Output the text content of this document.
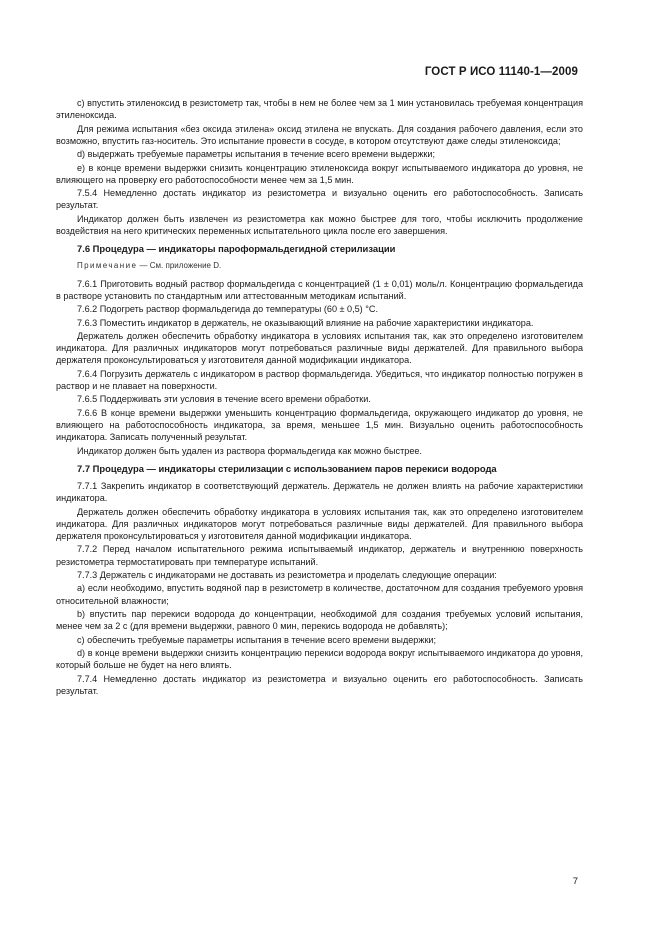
ГОСТ Р ИСО 11140-1—2009

c) впустить этиленоксид в резистометр так, чтобы в нем не более чем за 1 мин установилась требуемая концентрация этиленоксида.

Для режима испытания «без оксида этилена» оксид этилена не впускать. Для создания рабочего давления, если это возможно, впустить газ-носитель. Это испытание провести в сосуде, в котором отсутствуют даже следы этиленоксида;

d) выдержать требуемые параметры испытания в течение всего времени выдержки;

e) в конце времени выдержки снизить концентрацию этиленоксида вокруг испытываемого индикатора до уровня, не влияющего на проверку его работоспособности менее чем за 1,5 мин.

7.5.4 Немедленно достать индикатор из резистометра и визуально оценить его работоспособность. Записать результат.

Индикатор должен быть извлечен из резистометра как можно быстрее для того, чтобы исключить продолжение воздействия на него критических переменных испытательного цикла после его завершения.

7.6 Процедура — индикаторы пароформальдегидной стерилизации

Примечание — См. приложение D.

7.6.1 Приготовить водный раствор формальдегида с концентрацией (1 ± 0,01) моль/л. Концентрацию формальдегида в растворе установить по стандартным или аттестованным методикам испытаний.

7.6.2 Подогреть раствор формальдегида до температуры (60 ± 0,5) °С.

7.6.3 Поместить индикатор в держатель, не оказывающий влияние на рабочие характеристики индикатора.

Держатель должен обеспечить обработку индикатора в условиях испытания так, как это определено изготовителем индикатора. Для различных индикаторов могут потребоваться различные виды держателей. Для правильного выбора держателя проконсультироваться у изготовителя данной модификации индикатора.

7.6.4 Погрузить держатель с индикатором в раствор формальдегида. Убедиться, что индикатор полностью погружен в раствор и не плавает на поверхности.

7.6.5 Поддерживать эти условия в течение всего времени обработки.

7.6.6 В конце времени выдержки уменьшить концентрацию формальдегида, окружающего индикатор до уровня, не влияющего на работоспособность индикатора, за время, меньшее 1,5 мин. Визуально оценить работоспособность индикатора. Записать полученный результат.

Индикатор должен быть удален из раствора формальдегида как можно быстрее.

7.7 Процедура — индикаторы стерилизации с использованием паров перекиси водорода

7.7.1 Закрепить индикатор в соответствующий держатель. Держатель не должен влиять на рабочие характеристики индикатора.

Держатель должен обеспечить обработку индикатора в условиях испытания так, как это определено изготовителем индикатора. Для различных индикаторов могут потребоваться различные виды держателей. Для правильного выбора держателя проконсультироваться у изготовителя данной модификации индикатора.

7.7.2 Перед началом испытательного режима испытываемый индикатор, держатель и внутреннюю поверхность резистометра термостатировать при температуре испытаний.

7.7.3 Держатель с индикаторами не доставать из резистометра и проделать следующие операции:

a) если необходимо, впустить водяной пар в резистометр в количестве, достаточном для создания требуемого уровня относительной влажности;

b) впустить пар перекиси водорода до концентрации, необходимой для создания требуемых условий испытания, менее чем за 2 с (для времени выдержки, равного 0 мин, перекись водорода не добавлять);

c) обеспечить требуемые параметры испытания в течение всего времени выдержки;

d) в конце времени выдержки снизить концентрацию перекиси водорода вокруг испытываемого индикатора до уровня, который больше не будет на него влиять.

7.7.4 Немедленно достать индикатор из резистометра и визуально оценить его работоспособность. Записать результат.

7
